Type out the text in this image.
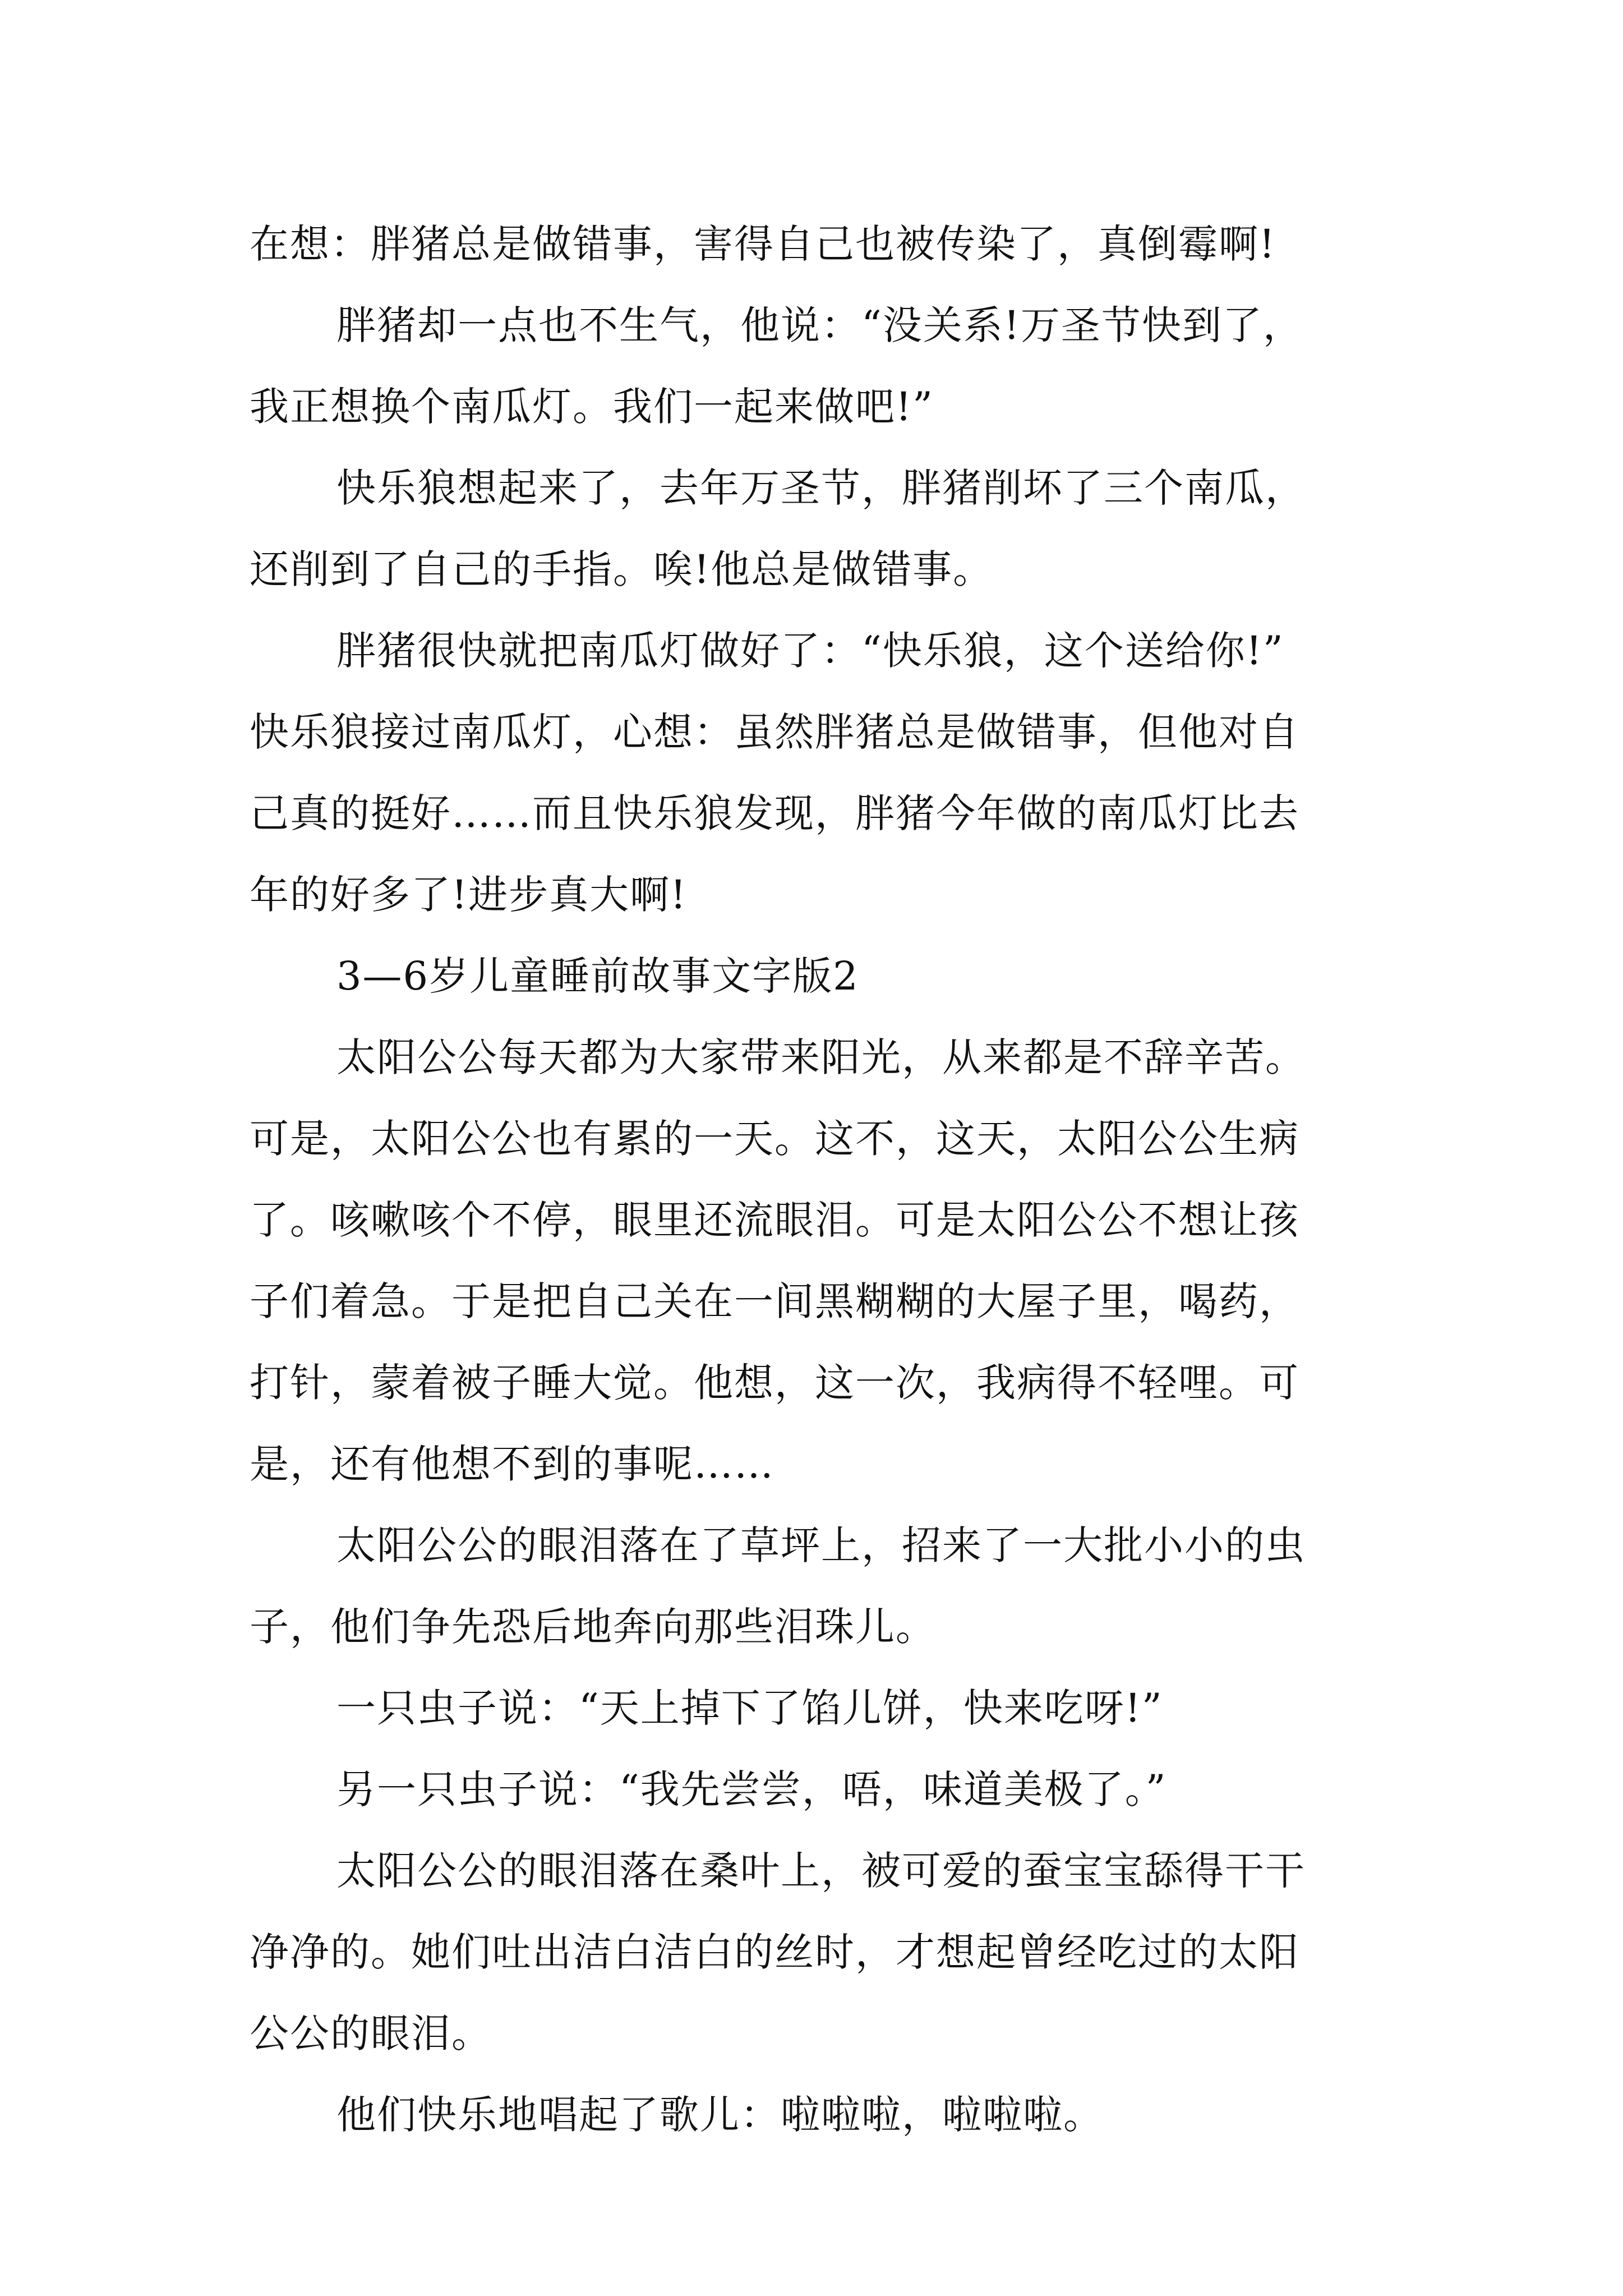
在想：胖猪总是做错事，害得自己也被传染了，真倒霉啊!
胖猪却一点也不生气，他说：“没关系!万圣节快到了，
我正想换个南瓜灯。我们一起来做吧!”
快乐狼想起来了，去年万圣节，胖猪削坏了三个南瓜，
还削到了自己的手指。唉!他总是做错事。
胖猪很快就把南瓜灯做好了：“快乐狼，这个送给你!”
快乐狼接过南瓜灯，心想：虽然胖猪总是做错事，但他对自
己真的挺好……而且快乐狼发现，胖猪今年做的南瓜灯比去
年的好多了!进步真大啊!
3—6岁儿童睡前故事文字版2
太阳公公每天都为大家带来阳光，从来都是不辞辛苦。
可是，太阳公公也有累的一天。这不，这天，太阳公公生病
了。咳嗽咳个不停，眼里还流眼泪。可是太阳公公不想让孩
子们着急。于是把自己关在一间黑糊糊的大屋子里，喝药，
打针，蒙着被子睡大觉。他想，这一次，我病得不轻哩。可
是，还有他想不到的事呢……
太阳公公的眼泪落在了草坪上，招来了一大批小小的虫
子，他们争先恐后地奔向那些泪珠儿。
一只虫子说：“天上掉下了馅儿饼，快来吃呀!”
另一只虫子说：“我先尝尝，唔，味道美极了。”
太阳公公的眼泪落在桑叶上，被可爱的蚕宝宝舔得干干
净净的。她们吐出洁白洁白的丝时，才想起曾经吃过的太阳
公公的眼泪。
他们快乐地唱起了歌儿：啦啦啦，啦啦啦。
